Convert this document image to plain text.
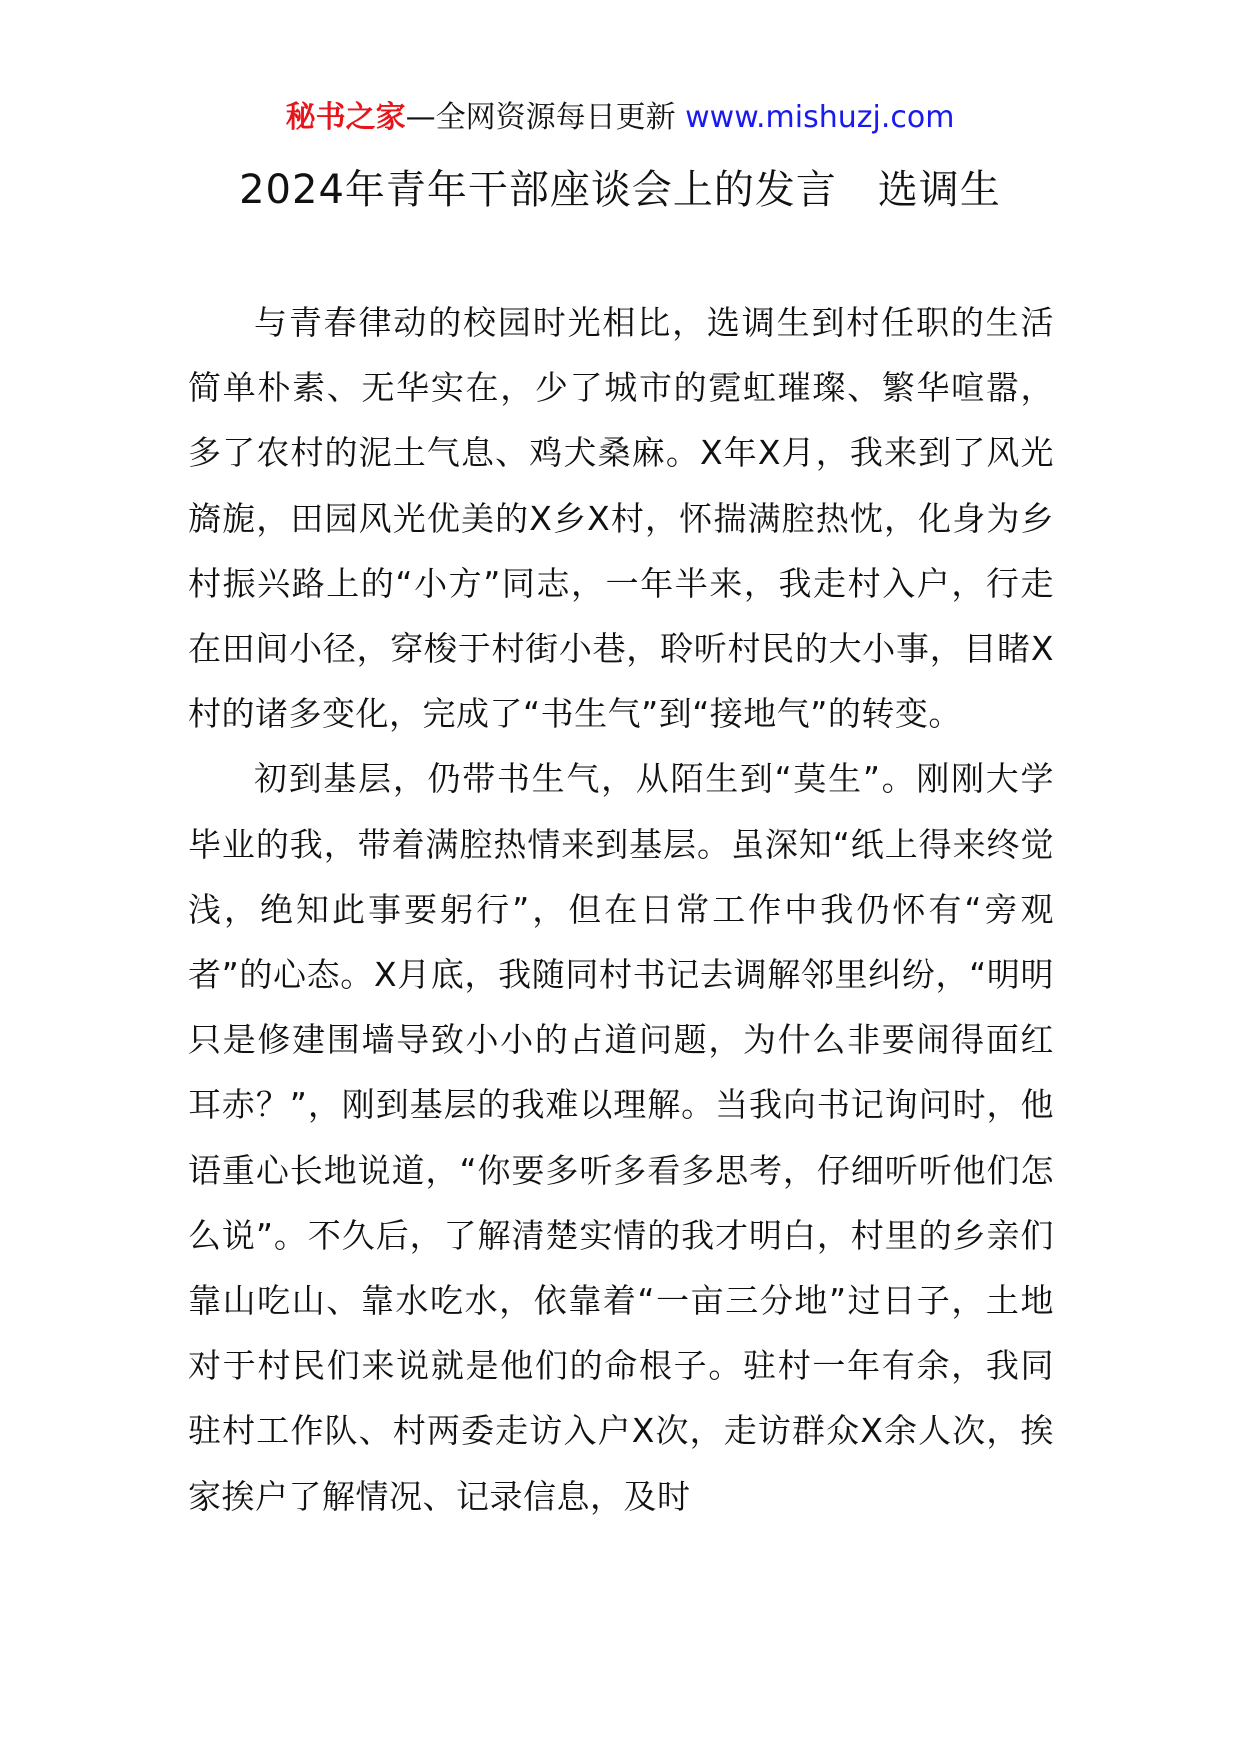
秘书之家—全网资源每日更新 www.mishuzj.com
2024年青年干部座谈会上的发言　选调生

与青春律动的校园时光相比，选调生到村任职的生活简单朴素、无华实在，少了城市的霓虹璀璨、繁华喧嚣，多了农村的泥土气息、鸡犬桑麻。X年X月，我来到了风光旖旎，田园风光优美的X乡X村，怀揣满腔热忱，化身为乡村振兴路上的“小方”同志，一年半来，我走村入户，行走在田间小径，穿梭于村街小巷，聆听村民的大小事，目睹X村的诸多变化，完成了“书生气”到“接地气”的转变。

初到基层，仍带书生气，从陌生到“莫生”。刚刚大学毕业的我，带着满腔热情来到基层。虽深知“纸上得来终觉浅，绝知此事要躬行”，但在日常工作中我仍怀有“旁观者”的心态。X月底，我随同村书记去调解邻里纠纷，“明明只是修建围墙导致小小的占道问题，为什么非要闹得面红耳赤？”，刚到基层的我难以理解。当我向书记询问时，他语重心长地说道，“你要多听多看多思考，仔细听听他们怎么说”。不久后，了解清楚实情的我才明白，村里的乡亲们靠山吃山、靠水吃水，依靠着“一亩三分地”过日子，土地对于村民们来说就是他们的命根子。驻村一年有余，我同驻村工作队、村两委走访入户X次，走访群众X余人次，挨家挨户了解情况、记录信息，及时
